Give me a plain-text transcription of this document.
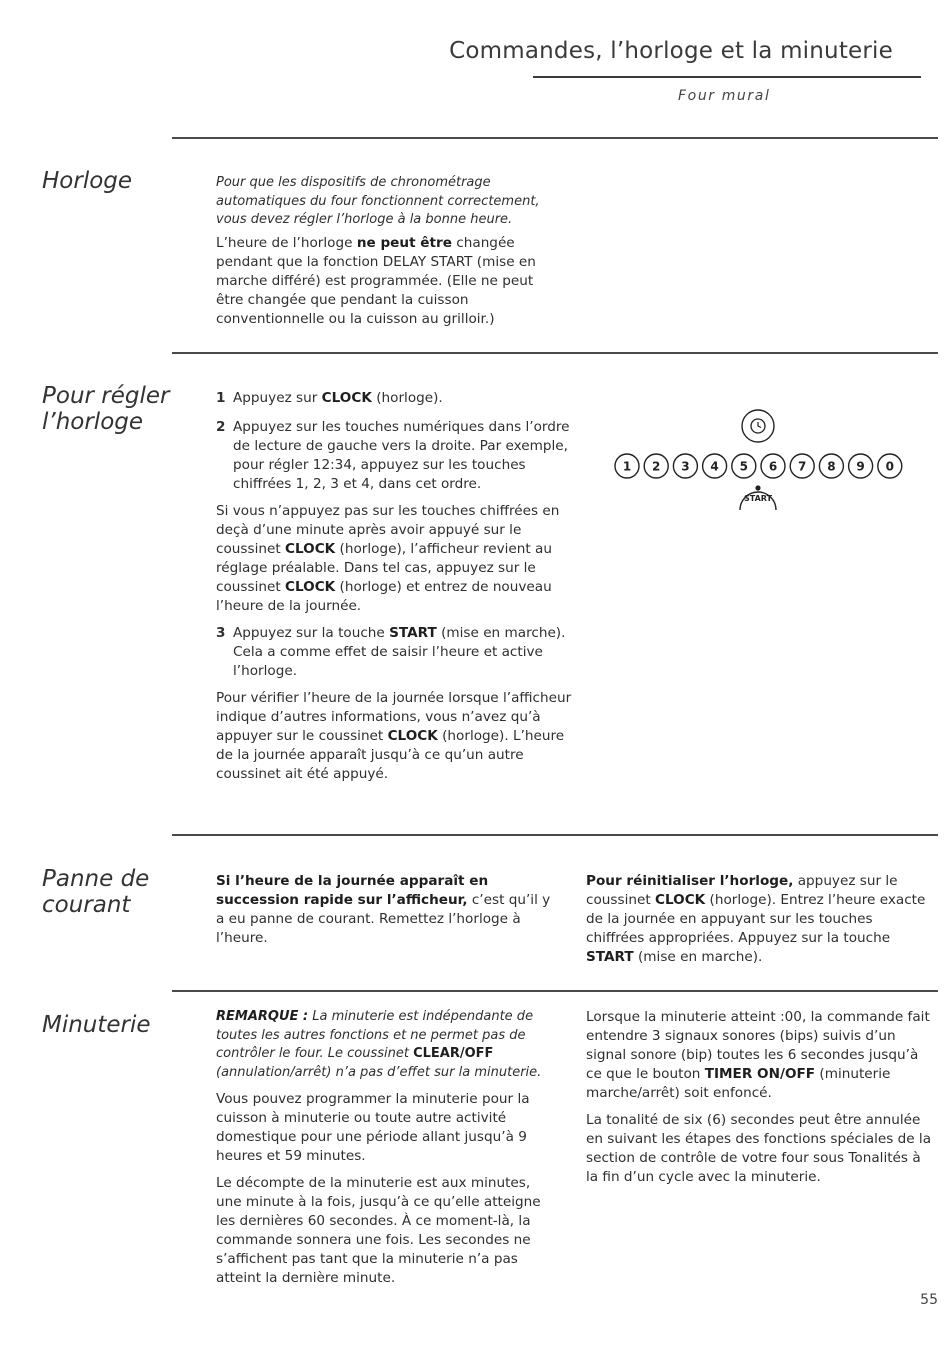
Commandes, l’horloge et la minuterie
Four mural
Horloge	Pour que les dispositifs de chronométrage automatiques du four fonctionnent correctement, vous devez régler l’horloge à la bonne heure.

L’heure de l’horloge ne peut être changée pendant que la fonction DELAY START (mise en marche différé) est programmée. (Elle ne peut être changée que pendant la cuisson conventionnelle ou la cuisson au grilloir.)

Pour régler
l’horloge
1 Appuyez sur CLOCK (horloge).
2 Appuyez sur les touches numériques dans l’ordre de lecture de gauche vers la droite. Par exemple, pour régler 12:34, appuyez sur les touches chiffrées 1, 2, 3 et 4, dans cet ordre.

Si vous n’appuyez pas sur les touches chiffrées en deçà d’une minute après avoir appuyé sur le coussinet CLOCK (horloge), l’afficheur revient au réglage préalable. Dans tel cas, appuyez sur le coussinet CLOCK (horloge) et entrez de nouveau l’heure de la journée.

3 Appuyez sur la touche START (mise en marche). Cela a comme effet de saisir l’heure et active l’horloge.

Pour vérifier l’heure de la journée lorsque l’afficheur indique d’autres informations, vous n’avez qu’à appuyer sur le coussinet CLOCK (horloge). L’heure de la journée apparaît jusqu’à ce qu’un autre coussinet ait été appuyé.

1 2 3 4 5 6 7 8 9 0
START
Panne de
courant

Si l’heure de la journée apparaît en succession rapide sur l’afficheur, c’est qu’il y a eu panne de courant. Remettez l’horloge à l’heure.

Pour réinitialiser l’horloge, appuyez sur le coussinet CLOCK (horloge). Entrez l’heure exacte de la journée en appuyant sur les touches chiffrées appropriées. Appuyez sur la touche START (mise en marche).

Minuterie	REMARQUE : La minuterie est indépendante de toutes les autres fonctions et ne permet pas de contrôler le four. Le coussinet CLEAR/OFF (annulation/arrêt) n’a pas d’effet sur la minuterie.

Vous pouvez programmer la minuterie pour la cuisson à minuterie ou toute autre activité domestique pour une période allant jusqu’à 9 heures et 59 minutes.

Le décompte de la minuterie est aux minutes, une minute à la fois, jusqu’à ce qu’elle atteigne les dernières 60 secondes. À ce moment-là, la commande sonnera une fois. Les secondes ne s’affichent pas tant que la minuterie n’a pas atteint la dernière minute.

Lorsque la minuterie atteint :00, la commande fait entendre 3 signaux sonores (bips) suivis d’un signal sonore (bip) toutes les 6 secondes jusqu’à ce que le bouton TIMER ON/OFF (minuterie marche/arrêt) soit enfoncé.

La tonalité de six (6) secondes peut être annulée en suivant les étapes des fonctions spéciales de la section de contrôle de votre four sous Tonalités à la fin d’un cycle avec la minuterie.

55
